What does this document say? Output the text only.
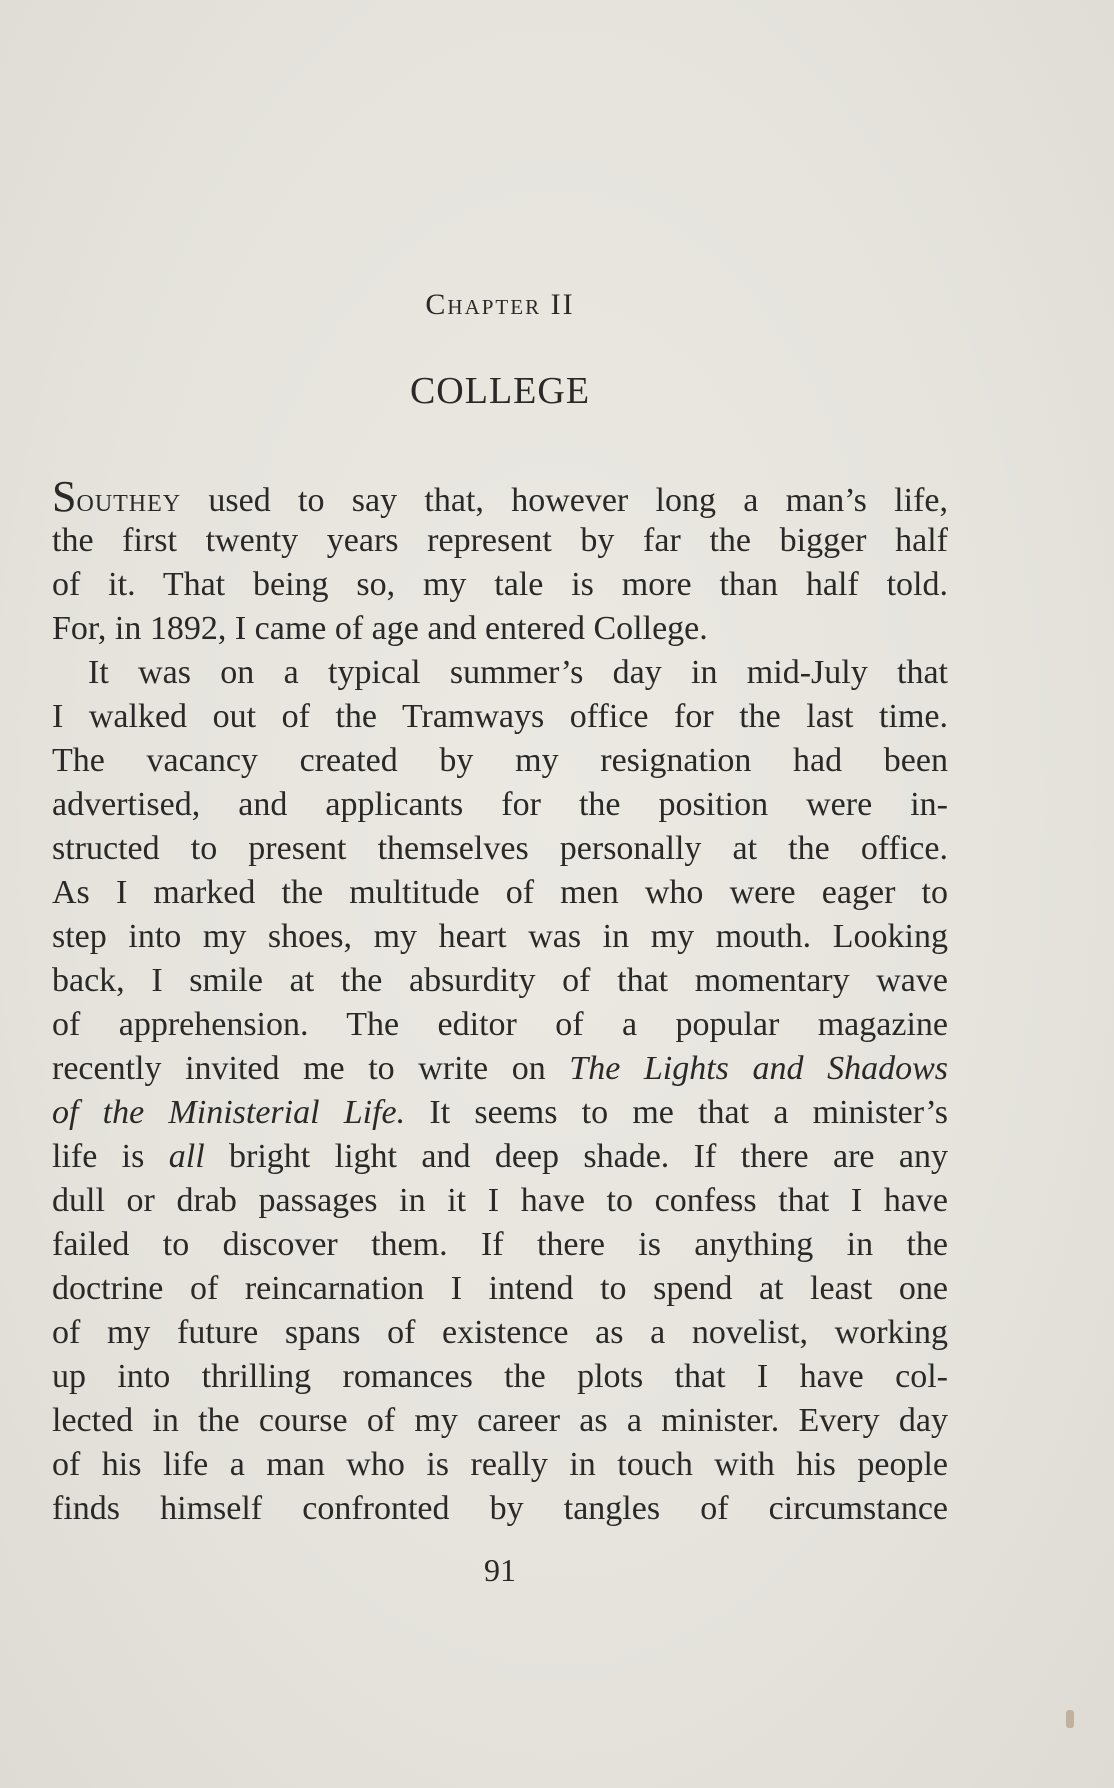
Chapter II
COLLEGE
Southey used to say that, however long a man’s life,
the first twenty years represent by far the bigger half
of it. That being so, my tale is more than half told.
For, in 1892, I came of age and entered College.
It was on a typical summer’s day in mid-July that
I walked out of the Tramways office for the last time.
The vacancy created by my resignation had been
advertised, and applicants for the position were in-
structed to present themselves personally at the office.
As I marked the multitude of men who were eager to
step into my shoes, my heart was in my mouth. Looking
back, I smile at the absurdity of that momentary wave
of apprehension. The editor of a popular magazine
recently invited me to write on The Lights and Shadows
of the Ministerial Life. It seems to me that a minister’s
life is all bright light and deep shade. If there are any
dull or drab passages in it I have to confess that I have
failed to discover them. If there is anything in the
doctrine of reincarnation I intend to spend at least one
of my future spans of existence as a novelist, working
up into thrilling romances the plots that I have col-
lected in the course of my career as a minister. Every day
of his life a man who is really in touch with his people
finds himself confronted by tangles of circumstance
91
